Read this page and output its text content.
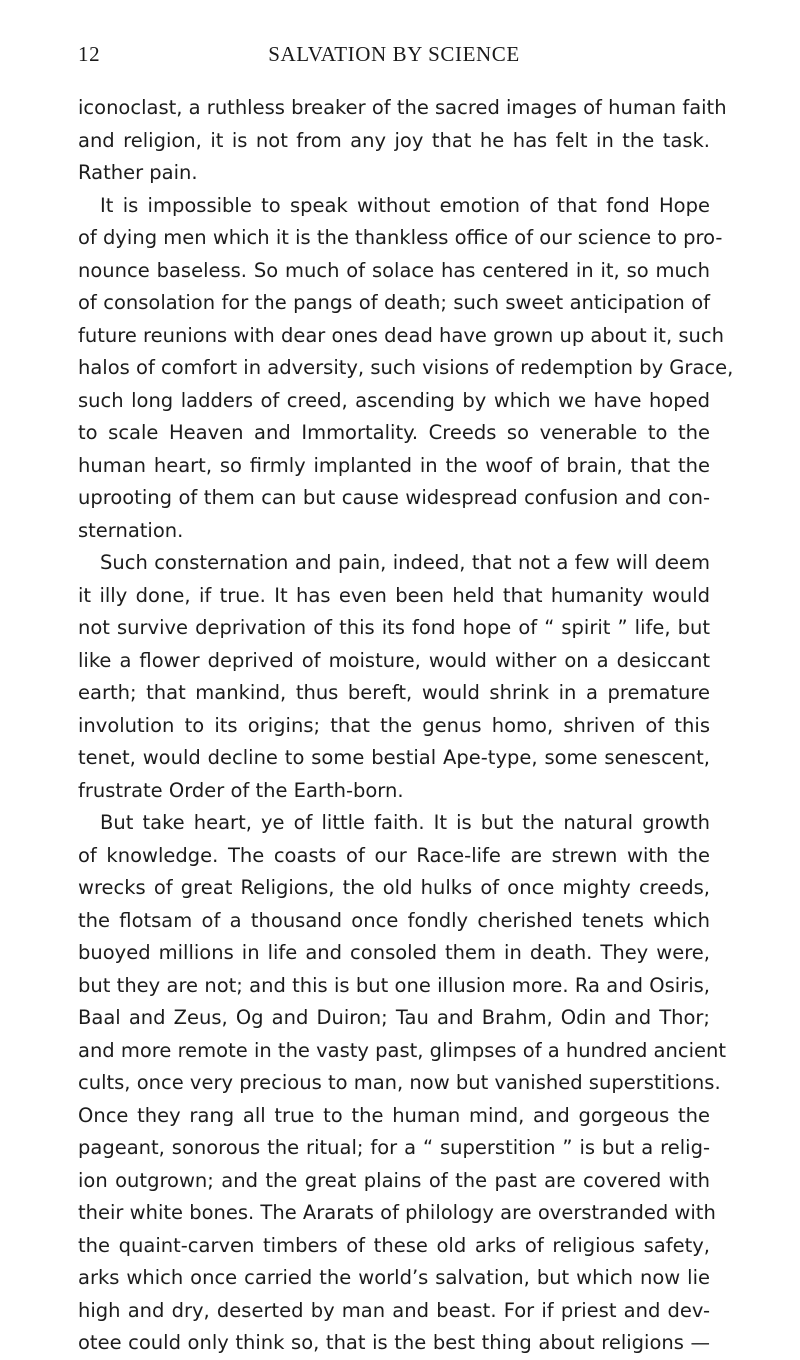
12	SALVATION BY SCIENCE
iconoclast, a ruthless breaker of the sacred images of human faith
and religion, it is not from any joy that he has felt in the task.
Rather pain.
It is impossible to speak without emotion of that fond Hope
of dying men which it is the thankless office of our science to pro-
nounce baseless. So much of solace has centered in it, so much
of consolation for the pangs of death; such sweet anticipation of
future reunions with dear ones dead have grown up about it, such
halos of comfort in adversity, such visions of redemption by Grace,
such long ladders of creed, ascending by which we have hoped
to scale Heaven and Immortality. Creeds so venerable to the
human heart, so firmly implanted in the woof of brain, that the
uprooting of them can but cause widespread confusion and con-
sternation.
Such consternation and pain, indeed, that not a few will deem
it illy done, if true. It has even been held that humanity would
not survive deprivation of this its fond hope of “ spirit ” life, but
like a flower deprived of moisture, would wither on a desiccant
earth; that mankind, thus bereft, would shrink in a premature
involution to its origins; that the genus homo, shriven of this
tenet, would decline to some bestial Ape-type, some senescent,
frustrate Order of the Earth-born.
But take heart, ye of little faith. It is but the natural growth
of knowledge. The coasts of our Race-life are strewn with the
wrecks of great Religions, the old hulks of once mighty creeds,
the flotsam of a thousand once fondly cherished tenets which
buoyed millions in life and consoled them in death. They were,
but they are not; and this is but one illusion more. Ra and Osiris,
Baal and Zeus, Og and Duiron; Tau and Brahm, Odin and Thor;
and more remote in the vasty past, glimpses of a hundred ancient
cults, once very precious to man, now but vanished superstitions.
Once they rang all true to the human mind, and gorgeous the
pageant, sonorous the ritual; for a “ superstition ” is but a relig-
ion outgrown; and the great plains of the past are covered with
their white bones. The Ararats of philology are overstranded with
the quaint-carven timbers of these old arks of religious safety,
arks which once carried the world’s salvation, but which now lie
high and dry, deserted by man and beast. For if priest and dev-
otee could only think so, that is the best thing about religions —
